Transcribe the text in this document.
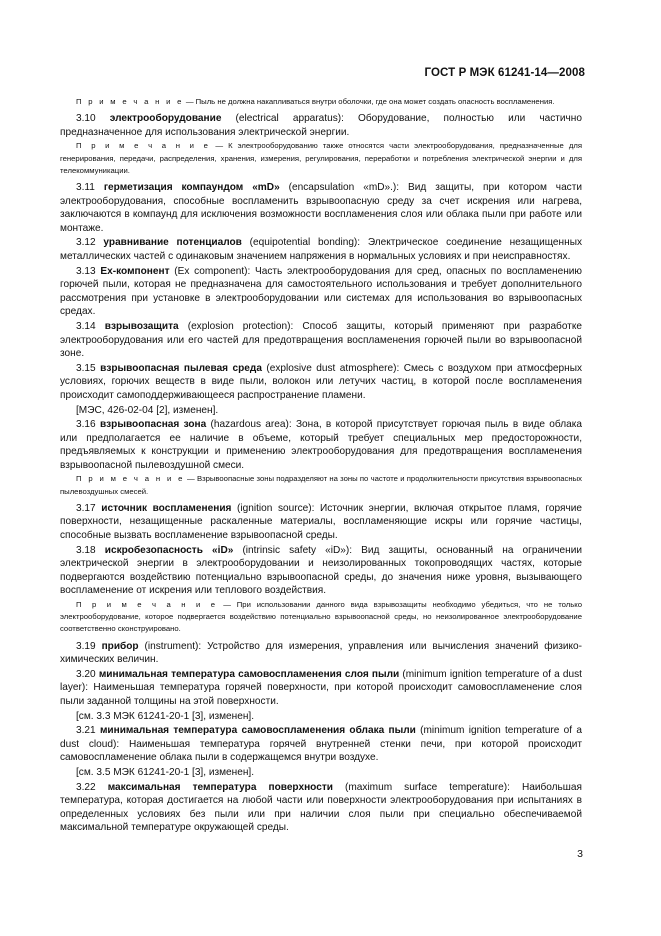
ГОСТ Р МЭК 61241-14—2008

П р и м е ч а н и е — Пыль не должна накапливаться внутри оболочки, где она может создать опасность воспламенения.

3.10 электрооборудование (electrical apparatus): Оборудование, полностью или частично предназначенное для использования электрической энергии.

П р и м е ч а н и е — К электрооборудованию также относятся части электрооборудования, предназначенные для генерирования, передачи, распределения, хранения, измерения, регулирования, переработки и потребления электрической энергии и для телекоммуникации.

3.11 герметизация компаундом «mD» (encapsulation «mD».): Вид защиты, при котором части электрооборудования, способные воспламенить взрывоопасную среду за счет искрения или нагрева, заключаются в компаунд для исключения возможности воспламенения слоя или облака пыли при работе или монтаже.

3.12 уравнивание потенциалов (equipotential bonding): Электрическое соединение незащищенных металлических частей с одинаковым значением напряжения в нормальных условиях и при неисправностях.

3.13 Ex-компонент (Ex component): Часть электрооборудования для сред, опасных по воспламенению горючей пыли, которая не предназначена для самостоятельного использования и требует дополнительного рассмотрения при установке в электрооборудовании или системах для использования во взрывоопасных средах.

3.14 взрывозащита (explosion protection): Способ защиты, который применяют при разработке электрооборудования или его частей для предотвращения воспламенения горючей пыли во взрывоопасной зоне.

3.15 взрывоопасная пылевая среда (explosive dust atmosphere): Смесь с воздухом при атмосферных условиях, горючих веществ в виде пыли, волокон или летучих частиц, в которой после воспламенения происходит самоподдерживающееся распространение пламени.

[МЭС, 426-02-04 [2], изменен].

3.16 взрывоопасная зона (hazardous area): Зона, в которой присутствует горючая пыль в виде облака или предполагается ее наличие в объеме, который требует специальных мер предосторожности, предъявляемых к конструкции и применению электрооборудования для предотвращения воспламенения взрывоопасной пылевоздушной смеси.

П р и м е ч а н и е — Взрывоопасные зоны подразделяют на зоны по частоте и продолжительности присутствия взрывоопасных пылевоздушных смесей.

3.17 источник воспламенения (ignition source): Источник энергии, включая открытое пламя, горячие поверхности, незащищенные раскаленные материалы, воспламеняющие искры или горячие частицы, способные вызвать воспламенение взрывоопасной среды.

3.18 искробезопасность «iD» (intrinsic safety «iD»): Вид защиты, основанный на ограничении электрической энергии в электрооборудовании и неизолированных токопроводящих частях, которые подвергаются воздействию потенциально взрывоопасной среды, до значения ниже уровня, вызывающего воспламенение от искрения или теплового воздействия.

П р и м е ч а н и е — При использовании данного вида взрывозащиты необходимо убедиться, что не только электрооборудование, которое подвергается воздействию потенциально взрывоопасной среды, но неизолированное электрооборудование соответственно сконструировано.

3.19 прибор (instrument): Устройство для измерения, управления или вычисления значений физико-химических величин.

3.20 минимальная температура самовоспламенения слоя пыли (minimum ignition temperature of a dust layer): Наименьшая температура горячей поверхности, при которой происходит самовоспламенение слоя пыли заданной толщины на этой поверхности.

[см. 3.3 МЭК 61241-20-1 [3], изменен].

3.21 минимальная температура самовоспламенения облака пыли (minimum ignition temperature of a dust cloud): Наименьшая температура горячей внутренней стенки печи, при которой происходит самовоспламенение облака пыли в содержащемся внутри воздухе.

[см. 3.5 МЭК 61241-20-1 [3], изменен].

3.22 максимальная температура поверхности (maximum surface temperature): Наибольшая температура, которая достигается на любой части или поверхности электрооборудования при испытаниях в определенных условиях без пыли или при наличии слоя пыли при специально обеспечиваемой максимальной температуре окружающей среды.

3
